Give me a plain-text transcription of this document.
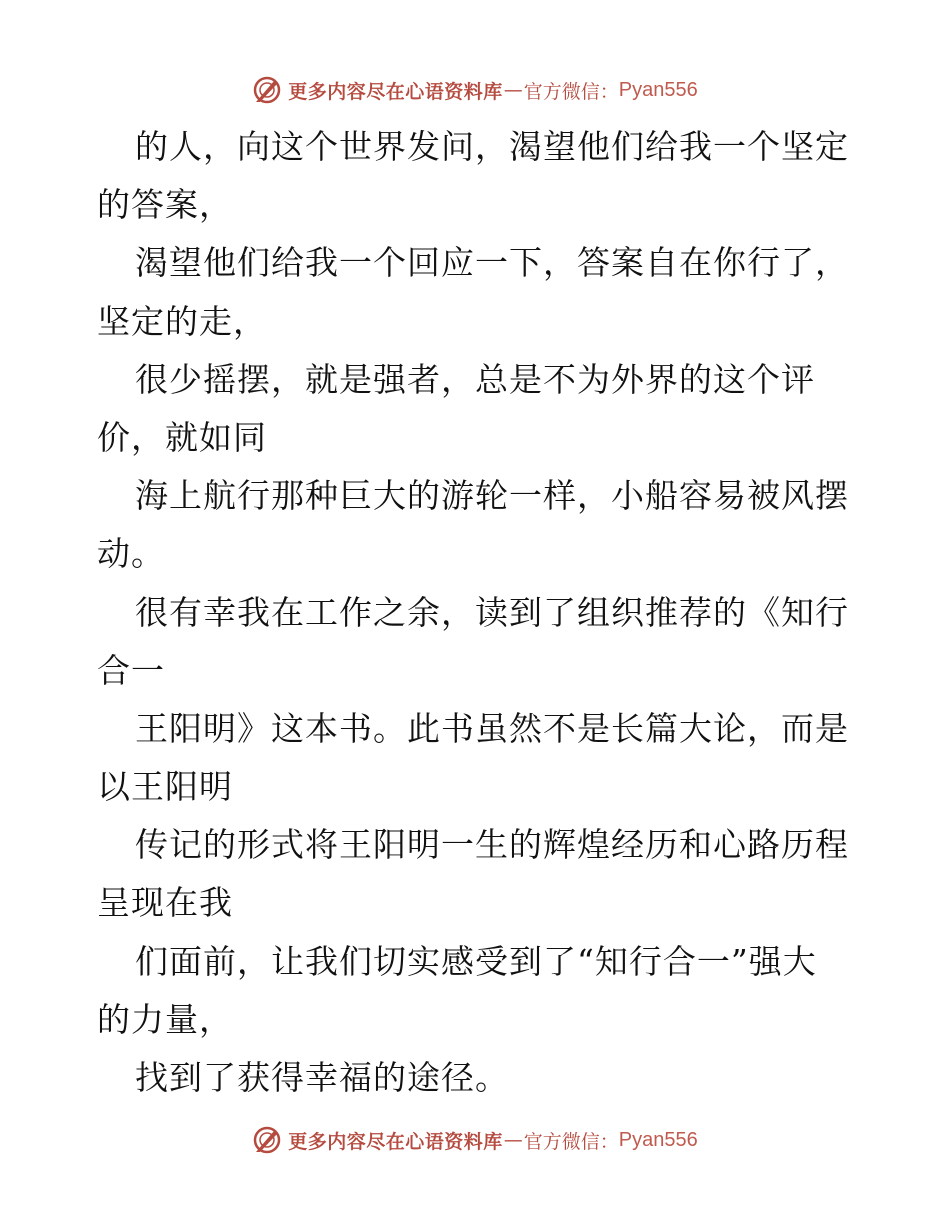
更多内容尽在心语资料库 — 官方微信： Pyan556
的人，向这个世界发问，渴望他们给我一个坚定
的答案，
渴望他们给我一个回应一下，答案自在你行了，
坚定的走，
很少摇摆，就是强者，总是不为外界的这个评
价，就如同
海上航行那种巨大的游轮一样，小船容易被风摆
动。
很有幸我在工作之余，读到了组织推荐的《知行
合一
王阳明》这本书。此书虽然不是长篇大论，而是
以王阳明
传记的形式将王阳明一生的辉煌经历和心路历程
呈现在我
们面前，让我们切实感受到了“知行合一”强大
的力量，
找到了获得幸福的途径。
更多内容尽在心语资料库 — 官方微信： Pyan556
